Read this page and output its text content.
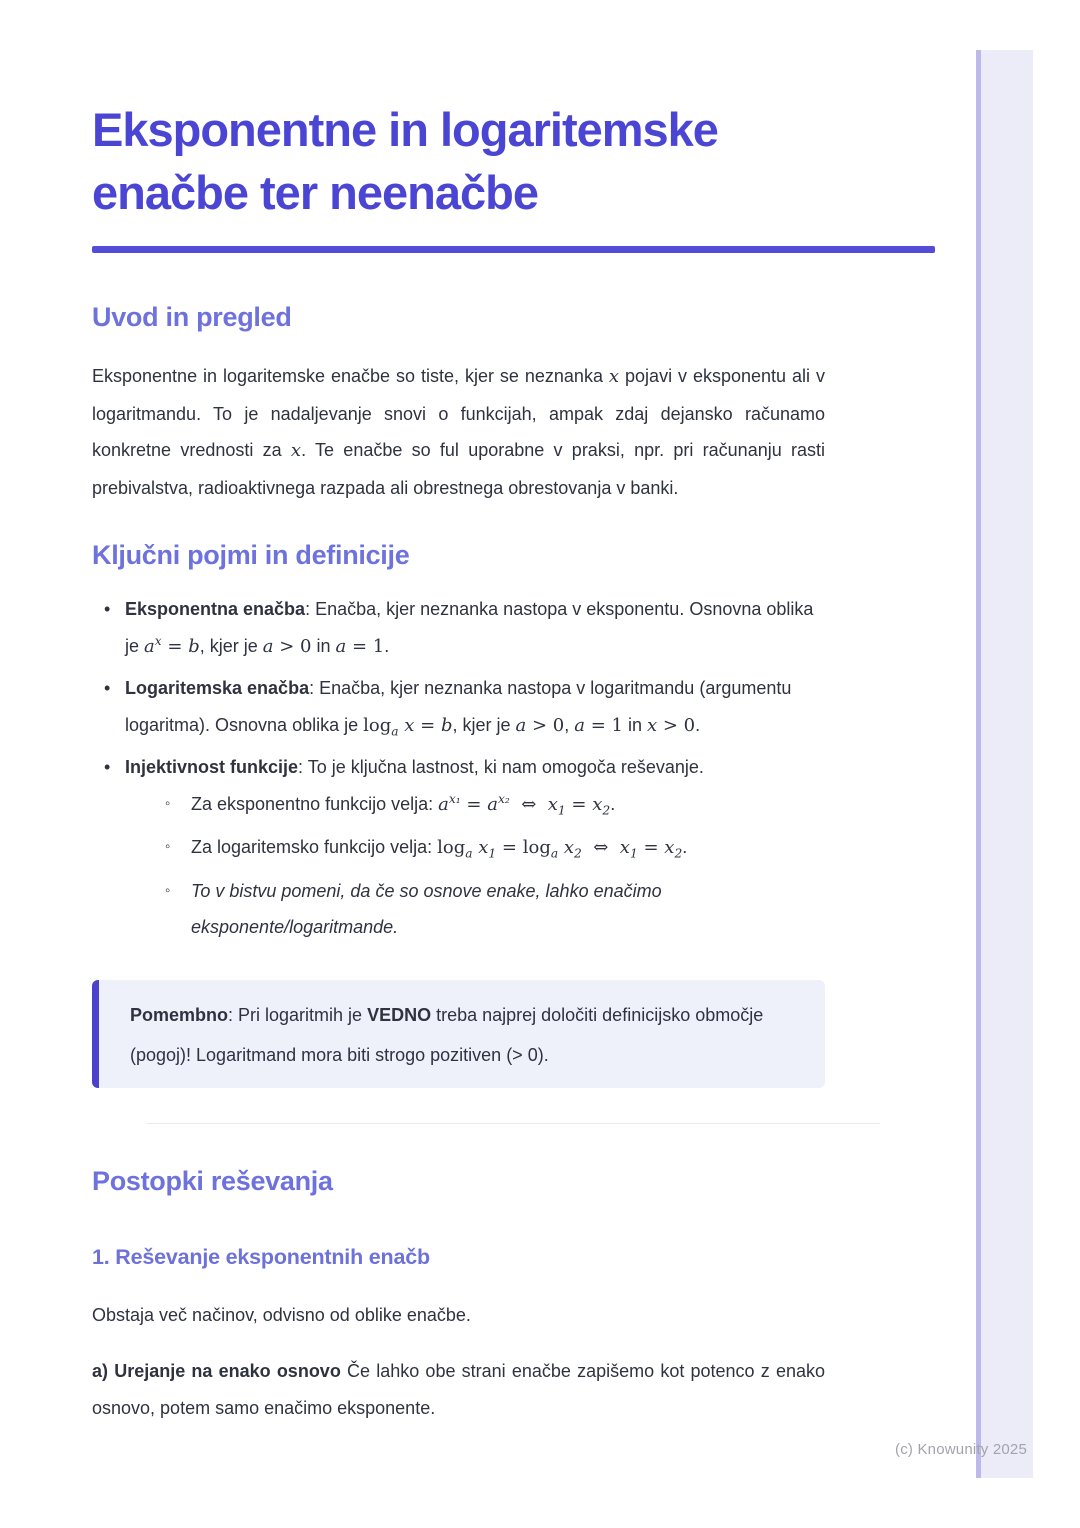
(c) Knowunity 2025
Eksponentne in logaritemske
enačbe ter neenačbe
Uvod in pregled

Eksponentne in logaritemske enačbe so tiste, kjer se neznanka x pojavi v eksponentu ali v logaritmandu. To je nadaljevanje snovi o funkcijah, ampak zdaj dejansko računamo konkretne vrednosti za x. Te enačbe so ful uporabne v praksi, npr. pri računanju rasti prebivalstva, radioaktivnega razpada ali obrestnega obrestovanja v banki.

Ključni pojmi in definicije
• Eksponentna enačba: Enačba, kjer neznanka nastopa v eksponentu. Osnovna oblika je $a^x = b$, kjer je a > 0 in a = 1.
• Logaritemska enačba: Enačba, kjer neznanka nastopa v logaritmandu (argumentu logaritma). Osnovna oblika je $\log_a x = b$, kjer je a > 0, a = 1 in x > 0.
• Injektivnost funkcije: To je ključna lastnost, ki nam omogoča reševanje.
◦ Za eksponentno funkcijo velja: $a^{x_1} = a^{x_2}$  ⇔  $x_1 = x_2$.
◦ Za logaritemsko funkcijo velja: $\log_a x_1 = \log_a x_2$  ⇔  $x_1 = x_2$.
◦ To v bistvu pomeni, da če so osnove enake, lahko enačimo eksponente/logaritmande.
Pomembno: Pri logaritmih je VEDNO treba najprej določiti definicijsko območje (pogoj)! Logaritmand mora biti strogo pozitiven (> 0).
Postopki reševanja
1. Reševanje eksponentnih enačb

Obstaja več načinov, odvisno od oblike enačbe.

a) Urejanje na enako osnovo Če lahko obe strani enačbe zapišemo kot potenco z enako osnovo, potem samo enačimo eksponente.
